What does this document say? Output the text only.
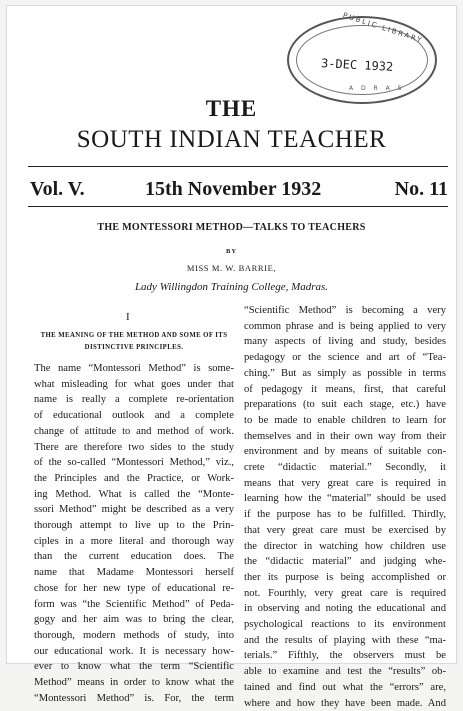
PUBLIC LIBRARY
3-DEC 1932
A D R A S
THE
SOUTH INDIAN TEACHER
Vol. V.	15th November 1932	No. 11
THE MONTESSORI METHOD—TALKS TO TEACHERS
BY
MISS M. W. BARRIE,
Lady Willingdon Training College, Madras.
I
THE MEANING OF THE METHOD AND SOME OF ITS
DISTINCTIVE PRINCIPLES.
The name “Montessori Method” is some-
what misleading for what goes under that
name is really a complete re-orientation
of educational outlook and a complete
change of attitude to and method of work.
There are therefore two sides to the study
of the so-called “Montessori Method,” viz.,
the Principles and the Practice, or Work-
ing Method. What is called the “Monte-
ssori Method” might be described as a very
thorough attempt to live up to the Prin-
ciples in a more literal and thorough way
than the current education does. The
name that Madame Montessori herself
chose for her new type of educational re-
form was “the Scientific Method” of Peda-
gogy and her aim was to bring the clear,
thorough, modern methods of study, into
our educational work. It is necessary how-
ever to know what the term “Scientific
Method” means in order to know what the
“Montessori Method” is. For, the term
“Scientific Method” is becoming a very
common phrase and is being applied to very
many aspects of living and study, besides
pedagogy or the science and art of “Tea-
ching.” But as simply as possible in terms
of pedagogy it means, first, that careful
preparations (to suit each stage, etc.) have
to be made to enable children to learn for
themselves and in their own way from their
environment and by means of suitable con-
crete “didactic material.” Secondly, it
means that very great care is required in
learning how the “material” should be used
if the purpose has to be fulfilled. Thirdly,
that very great care must be exercised by
the director in watching how children use
the “didactic material” and judging whe-
ther its purpose is being accomplished or
not. Fourthly, very great care is required
in observing and noting the educational and
psychological reactions to its environment
and the results of playing with these “ma-
terials.” Fifthly, the observers must be
able to examine and test the “results” ob-
tained and find out what the “errors” are,
where and how they have been made. And
